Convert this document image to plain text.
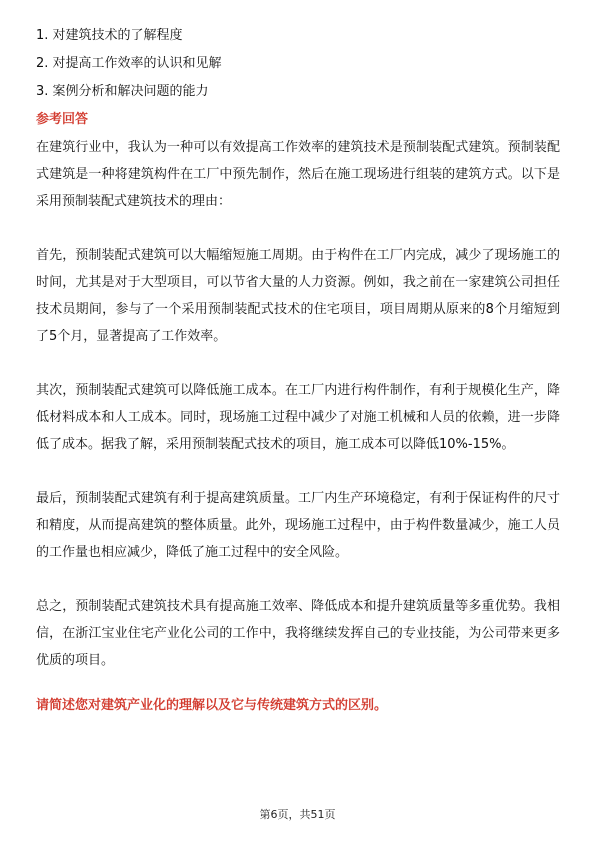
1. 对建筑技术的了解程度
2. 对提高工作效率的认识和见解
3. 案例分析和解决问题的能力
参考回答

在建筑行业中，我认为一种可以有效提高工作效率的建筑技术是预制装配式建筑。预制装配式建筑是一种将建筑构件在工厂中预先制作，然后在施工现场进行组装的建筑方式。以下是采用预制装配式建筑技术的理由：

首先，预制装配式建筑可以大幅缩短施工周期。由于构件在工厂内完成，减少了现场施工的时间，尤其是对于大型项目，可以节省大量的人力资源。例如，我之前在一家建筑公司担任技术员期间，参与了一个采用预制装配式技术的住宅项目，项目周期从原来的8个月缩短到了5个月，显著提高了工作效率。

其次，预制装配式建筑可以降低施工成本。在工厂内进行构件制作，有利于规模化生产，降低材料成本和人工成本。同时，现场施工过程中减少了对施工机械和人员的依赖，进一步降低了成本。据我了解，采用预制装配式技术的项目，施工成本可以降低10%-15%。

最后，预制装配式建筑有利于提高建筑质量。工厂内生产环境稳定，有利于保证构件的尺寸和精度，从而提高建筑的整体质量。此外，现场施工过程中，由于构件数量减少，施工人员的工作量也相应减少，降低了施工过程中的安全风险。

总之，预制装配式建筑技术具有提高施工效率、降低成本和提升建筑质量等多重优势。我相信，在浙江宝业住宅产业化公司的工作中，我将继续发挥自己的专业技能，为公司带来更多优质的项目。

请简述您对建筑产业化的理解以及它与传统建筑方式的区别。
第6页，共51页
